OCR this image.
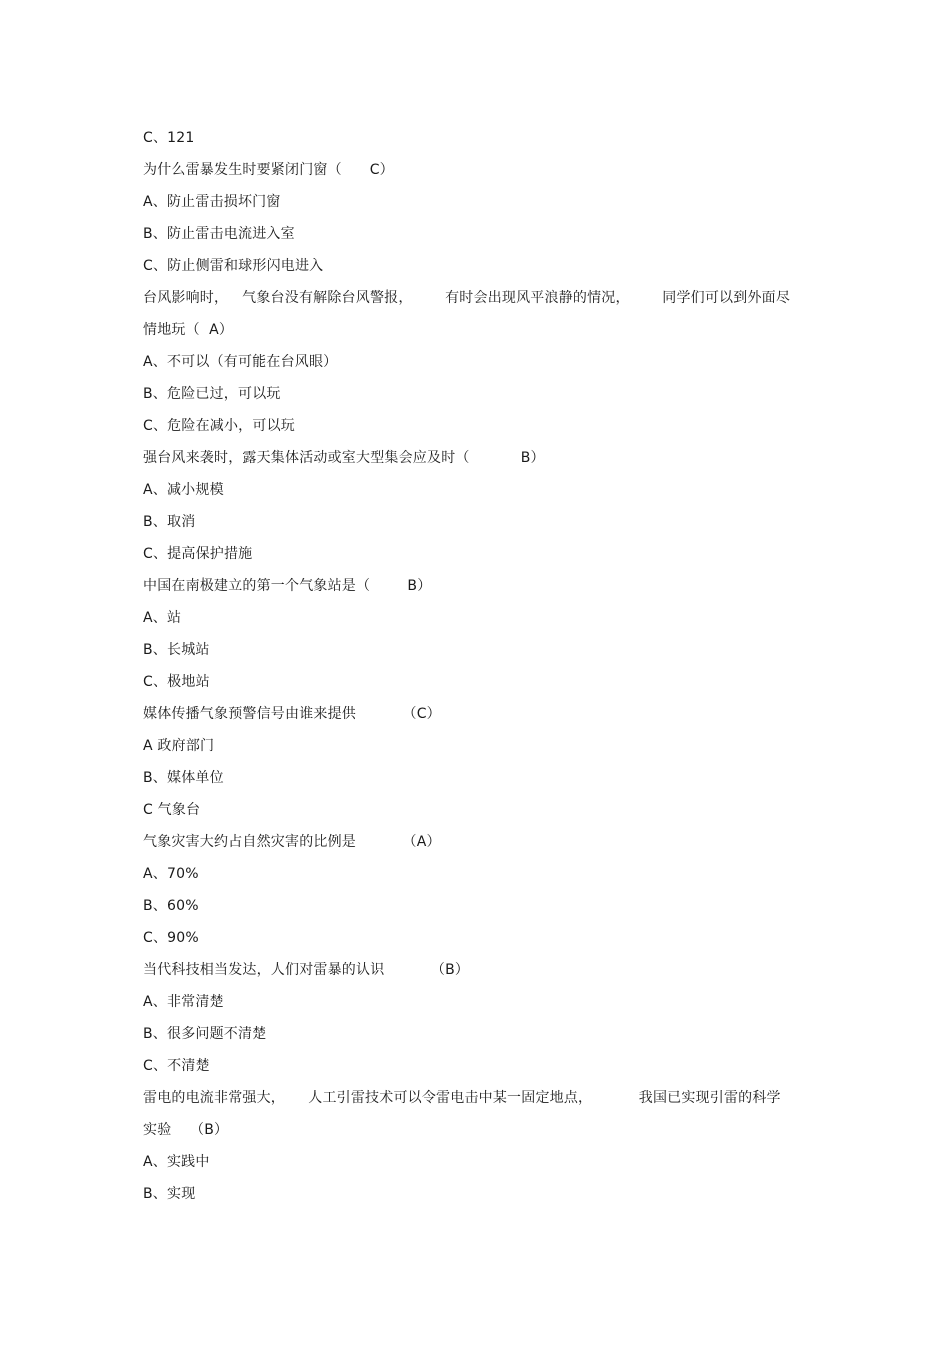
C、121
为什么雷暴发生时要紧闭门窗（      C）
A、防止雷击损坏门窗
B、防止雷击电流进入室
C、防止侧雷和球形闪电进入
台风影响时，   气象台没有解除台风警报，       有时会出现风平浪静的情况，       同学们可以到外面尽
情地玩（  A）
A、不可以（有可能在台风眼）
B、危险已过，可以玩
C、危险在减小，可以玩
强台风来袭时，露天集体活动或室大型集会应及时（           B）
A、减小规模
B、取消
C、提高保护措施
中国在南极建立的第一个气象站是（        B）
A、站
B、长城站
C、极地站
媒体传播气象预警信号由谁来提供          （C）
A 政府部门
B、媒体单位
C 气象台
气象灾害大约占自然灾害的比例是          （A）
A、70%
B、60%
C、90%
当代科技相当发达，人们对雷暴的认识          （B）
A、非常清楚
B、很多问题不清楚
C、不清楚
雷电的电流非常强大，     人工引雷技术可以令雷电击中某一固定地点，          我国已实现引雷的科学
实验    （B）
A、实践中
B、实现
